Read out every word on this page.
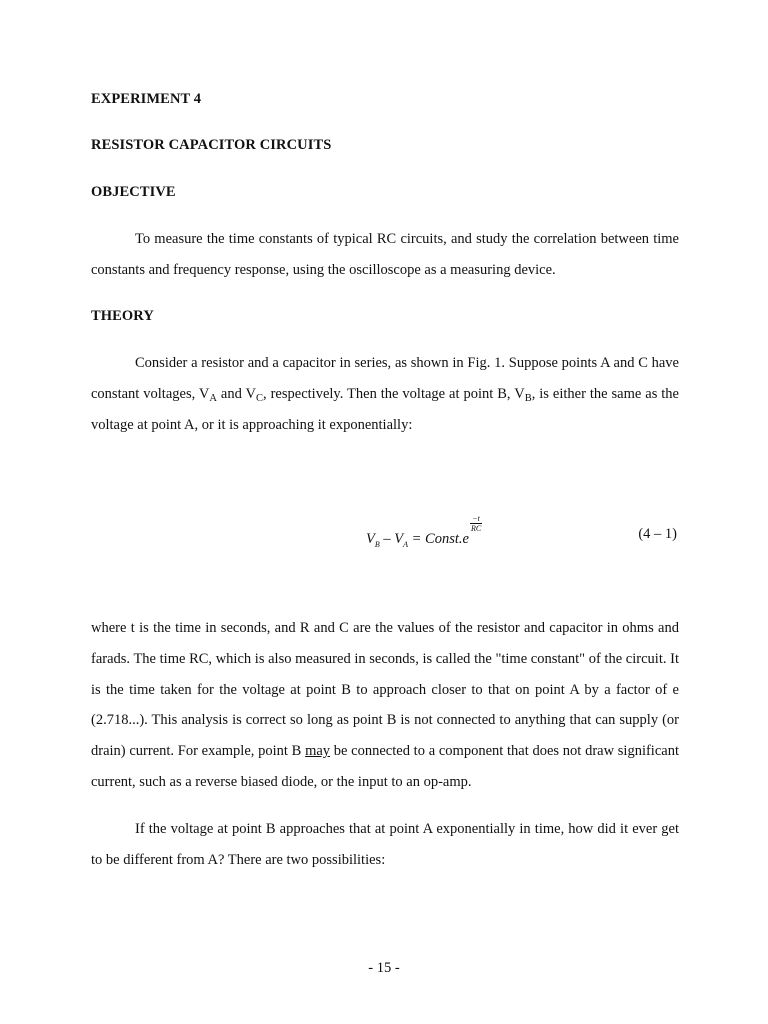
EXPERIMENT 4
RESISTOR CAPACITOR CIRCUITS
OBJECTIVE

To measure the time constants of typical RC circuits, and study the correlation between time constants and frequency response, using the oscilloscope as a measuring device.

THEORY

Consider a resistor and a capacitor in series, as shown in Fig. 1. Suppose points A and C have constant voltages, $V_A$ and $V_C$, respectively. Then the voltage at point B, $V_B$, is either the same as the voltage at point A, or it is approaching it exponentially:

$V_B - V_A$ = Const.e
$\frac{-t}{RC}$
(4 – 1)

where t is the time in seconds, and R and C are the values of the resistor and capacitor in ohms and farads. The time RC, which is also measured in seconds, is called the "time constant" of the circuit. It is the time taken for the voltage at point B to approach closer to that on point A by a factor of e (2.718...). This analysis is correct so long as point B is not connected to anything that can supply (or drain) current. For example, point B may be connected to a component that does not draw significant current, such as a reverse biased diode, or the input to an op-amp.

If the voltage at point B approaches that at point A exponentially in time, how did it ever get to be different from A? There are two possibilities:

- 15 -
